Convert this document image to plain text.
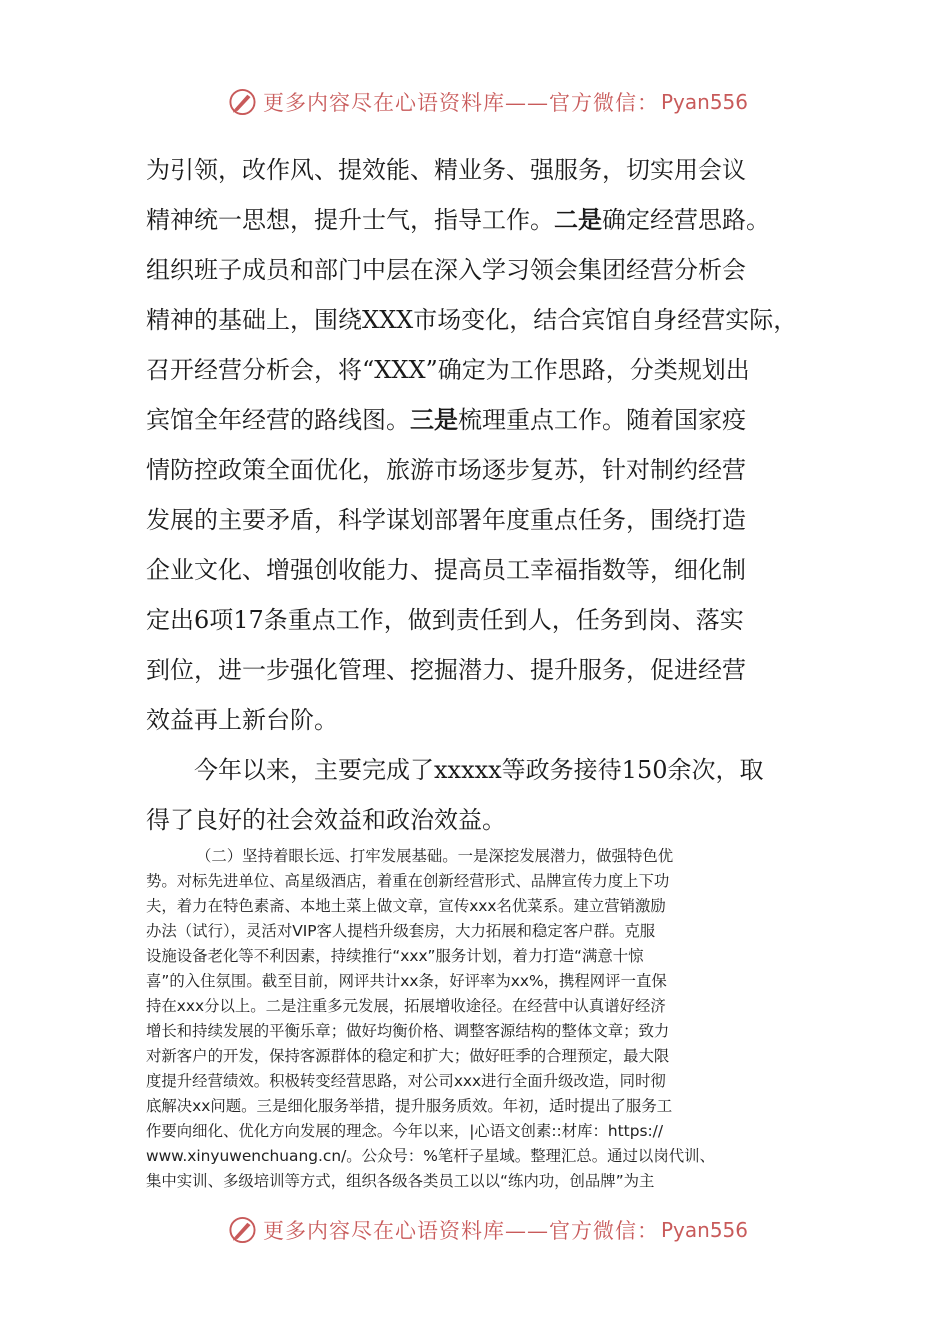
更多内容尽在心语资料库——官方微信： Pyan556
为引领，改作风、提效能、精业务、强服务，切实用会议
精神统一思想，提升士气，指导工作。二是确定经营思路。
组织班子成员和部门中层在深入学习领会集团经营分析会
精神的基础上，围绕XXX市场变化，结合宾馆自身经营实际，
召开经营分析会，将“XXX”确定为工作思路，分类规划出
宾馆全年经营的路线图。三是梳理重点工作。随着国家疫
情防控政策全面优化，旅游市场逐步复苏，针对制约经营
发展的主要矛盾，科学谋划部署年度重点任务，围绕打造
企业文化、增强创收能力、提高员工幸福指数等，细化制
定出6项17条重点工作，做到责任到人，任务到岗、落实
到位，进一步强化管理、挖掘潜力、提升服务，促进经营
效益再上新台阶。
今年以来，主要完成了xxxxx等政务接待150余次，取
得了良好的社会效益和政治效益。
（二）坚持着眼长远、打牢发展基础。一是深挖发展潜力，做强特色优
势。对标先进单位、高星级酒店，着重在创新经营形式、品牌宣传力度上下功
夫，着力在特色素斋、本地土菜上做文章，宣传xxx名优菜系。建立营销激励
办法（试行），灵活对VIP客人提档升级套房，大力拓展和稳定客户群。克服
设施设备老化等不利因素，持续推行“xxx”服务计划，着力打造“满意十惊
喜”的入住氛围。截至目前，网评共计xx条，好评率为xx%，携程网评一直保
持在xxx分以上。二是注重多元发展，拓展增收途径。在经营中认真谱好经济
增长和持续发展的平衡乐章；做好均衡价格、调整客源结构的整体文章；致力
对新客户的开发，保持客源群体的稳定和扩大；做好旺季的合理预定，最大限
度提升经营绩效。积极转变经营思路，对公司xxx进行全面升级改造，同时彻
底解决xx问题。三是细化服务举措，提升服务质效。年初，适时提出了服务工
作要向细化、优化方向发展的理念。今年以来，|心语文创素::材库：https://
www.xinyuwenchuang.cn/。公众号：%笔杆子星域。整理汇总。通过以岗代训、
集中实训、多级培训等方式，组织各级各类员工以以“练内功，创品牌”为主
更多内容尽在心语资料库——官方微信： Pyan556
